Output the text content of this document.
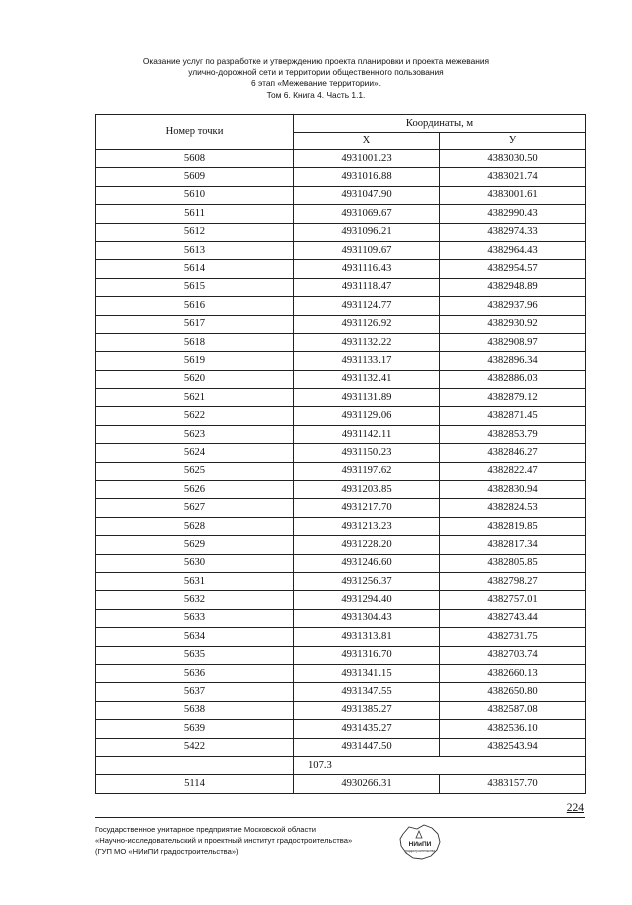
Оказание услуг по разработке и утверждению проекта планировки и проекта межевания
улично-дорожной сети и территории общественного пользования
6 этап «Межевание территории».
Том 6. Книга 4. Часть 1.1.
Номер точки	Координаты, м	
	X	У
5608	4931001.23	4383030.50
5609	4931016.88	4383021.74
5610	4931047.90	4383001.61
5611	4931069.67	4382990.43
5612	4931096.21	4382974.33
5613	4931109.67	4382964.43
5614	4931116.43	4382954.57
5615	4931118.47	4382948.89
5616	4931124.77	4382937.96
5617	4931126.92	4382930.92
5618	4931132.22	4382908.97
5619	4931133.17	4382896.34
5620	4931132.41	4382886.03
5621	4931131.89	4382879.12
5622	4931129.06	4382871.45
5623	4931142.11	4382853.79
5624	4931150.23	4382846.27
5625	4931197.62	4382822.47
5626	4931203.85	4382830.94
5627	4931217.70	4382824.53
5628	4931213.23	4382819.85
5629	4931228.20	4382817.34
5630	4931246.60	4382805.85
5631	4931256.37	4382798.27
5632	4931294.40	4382757.01
5633	4931304.43	4382743.44
5634	4931313.81	4382731.75
5635	4931316.70	4382703.74
5636	4931341.15	4382660.13
5637	4931347.55	4382650.80
5638	4931385.27	4382587.08
5639	4931435.27	4382536.10
5422	4931447.50	4382543.94
	107.3	
5114	4930266.31	4383157.70
224
Государственное унитарное предприятие Московской области
«Научно-исследовательский и проектный институт градостроительства»
(ГУП МО «НИиПИ градостроительства»)
НИиПИ
градостроительства
